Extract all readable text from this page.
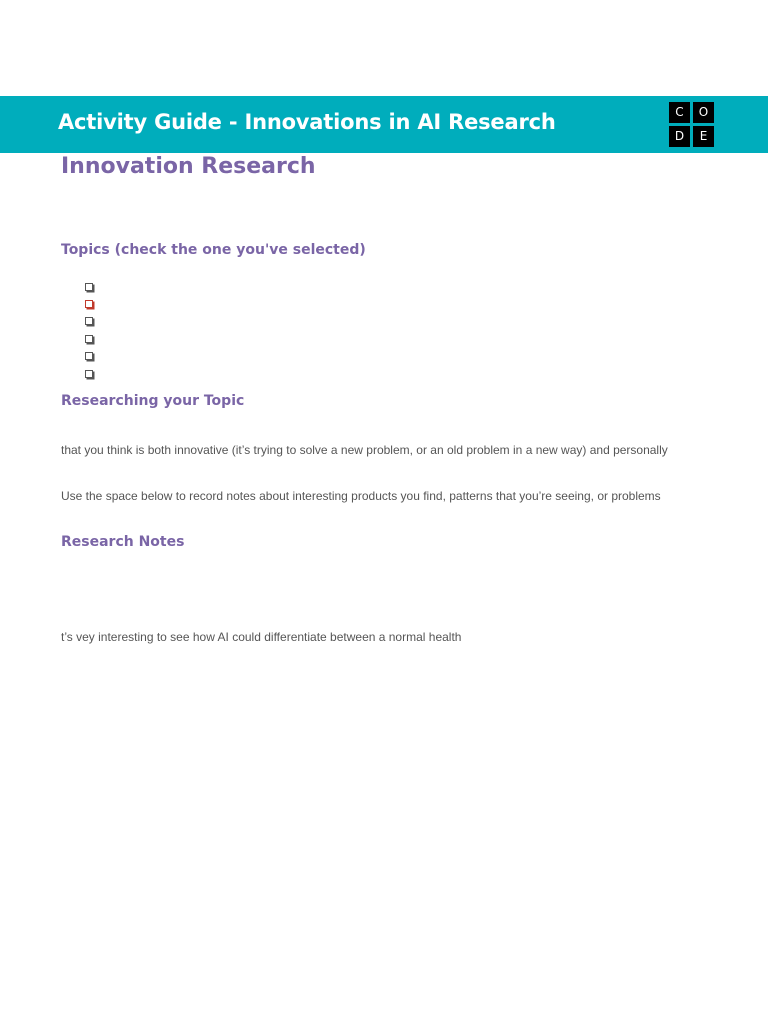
Activity Guide - Innovations in AI Research	C	O
D	E
Innovation Research
Topics (check the one you've selected)
Researching your Topic
that you think is both innovative (it’s trying to solve a new problem, or an old problem in a new way) and personally
Use the space below to record notes about interesting products you find, patterns that you’re seeing, or problems
Research Notes
t’s vey interesting to see how AI could differentiate between a normal health
